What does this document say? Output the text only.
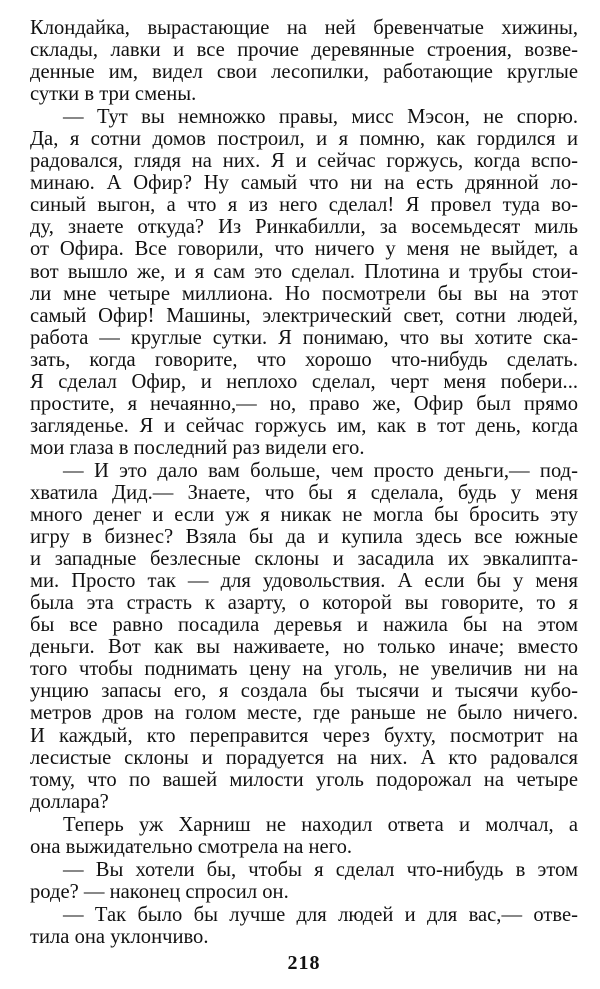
Клондайка, вырастающие на ней бревенчатые хижины,
склады, лавки и все прочие деревянные строения, возве-
денные им, видел свои лесопилки, работающие круглые
сутки в три смены.
— Тут вы немножко правы, мисс Мэсон, не спорю.
Да, я сотни домов построил, и я помню, как гордился и
радовался, глядя на них. Я и сейчас горжусь, когда вспо-
минаю. А Офир? Ну самый что ни на есть дрянной ло-
синый выгон, а что я из него сделал! Я провел туда во-
ду, знаете откуда? Из Ринкабилли, за восемьдесят миль
от Офира. Все говорили, что ничего у меня не выйдет, а
вот вышло же, и я сам это сделал. Плотина и трубы стои-
ли мне четыре миллиона. Но посмотрели бы вы на этот
самый Офир! Машины, электрический свет, сотни людей,
работа — круглые сутки. Я понимаю, что вы хотите ска-
зать, когда говорите, что хорошо что-нибудь сделать.
Я сделал Офир, и неплохо сделал, черт меня побери...
простите, я нечаянно,— но, право же, Офир был прямо
загляденье. Я и сейчас горжусь им, как в тот день, когда
мои глаза в последний раз видели его.
— И это дало вам больше, чем просто деньги,— под-
хватила Дид.— Знаете, что бы я сделала, будь у меня
много денег и если уж я никак не могла бы бросить эту
игру в бизнес? Взяла бы да и купила здесь все южные
и западные безлесные склоны и засадила их эвкалипта-
ми. Просто так — для удовольствия. А если бы у меня
была эта страсть к азарту, о которой вы говорите, то я
бы все равно посадила деревья и нажила бы на этом
деньги. Вот как вы наживаете, но только иначе; вместо
того чтобы поднимать цену на уголь, не увеличив ни на
унцию запасы его, я создала бы тысячи и тысячи кубо-
метров дров на голом месте, где раньше не было ничего.
И каждый, кто переправится через бухту, посмотрит на
лесистые склоны и порадуется на них. А кто радовался
тому, что по вашей милости уголь подорожал на четыре
доллара?
Теперь уж Харниш не находил ответа и молчал, а
она выжидательно смотрела на него.
— Вы хотели бы, чтобы я сделал что-нибудь в этом
роде? — наконец спросил он.
— Так было бы лучше для людей и для вас,— отве-
тила она уклончиво.
218
